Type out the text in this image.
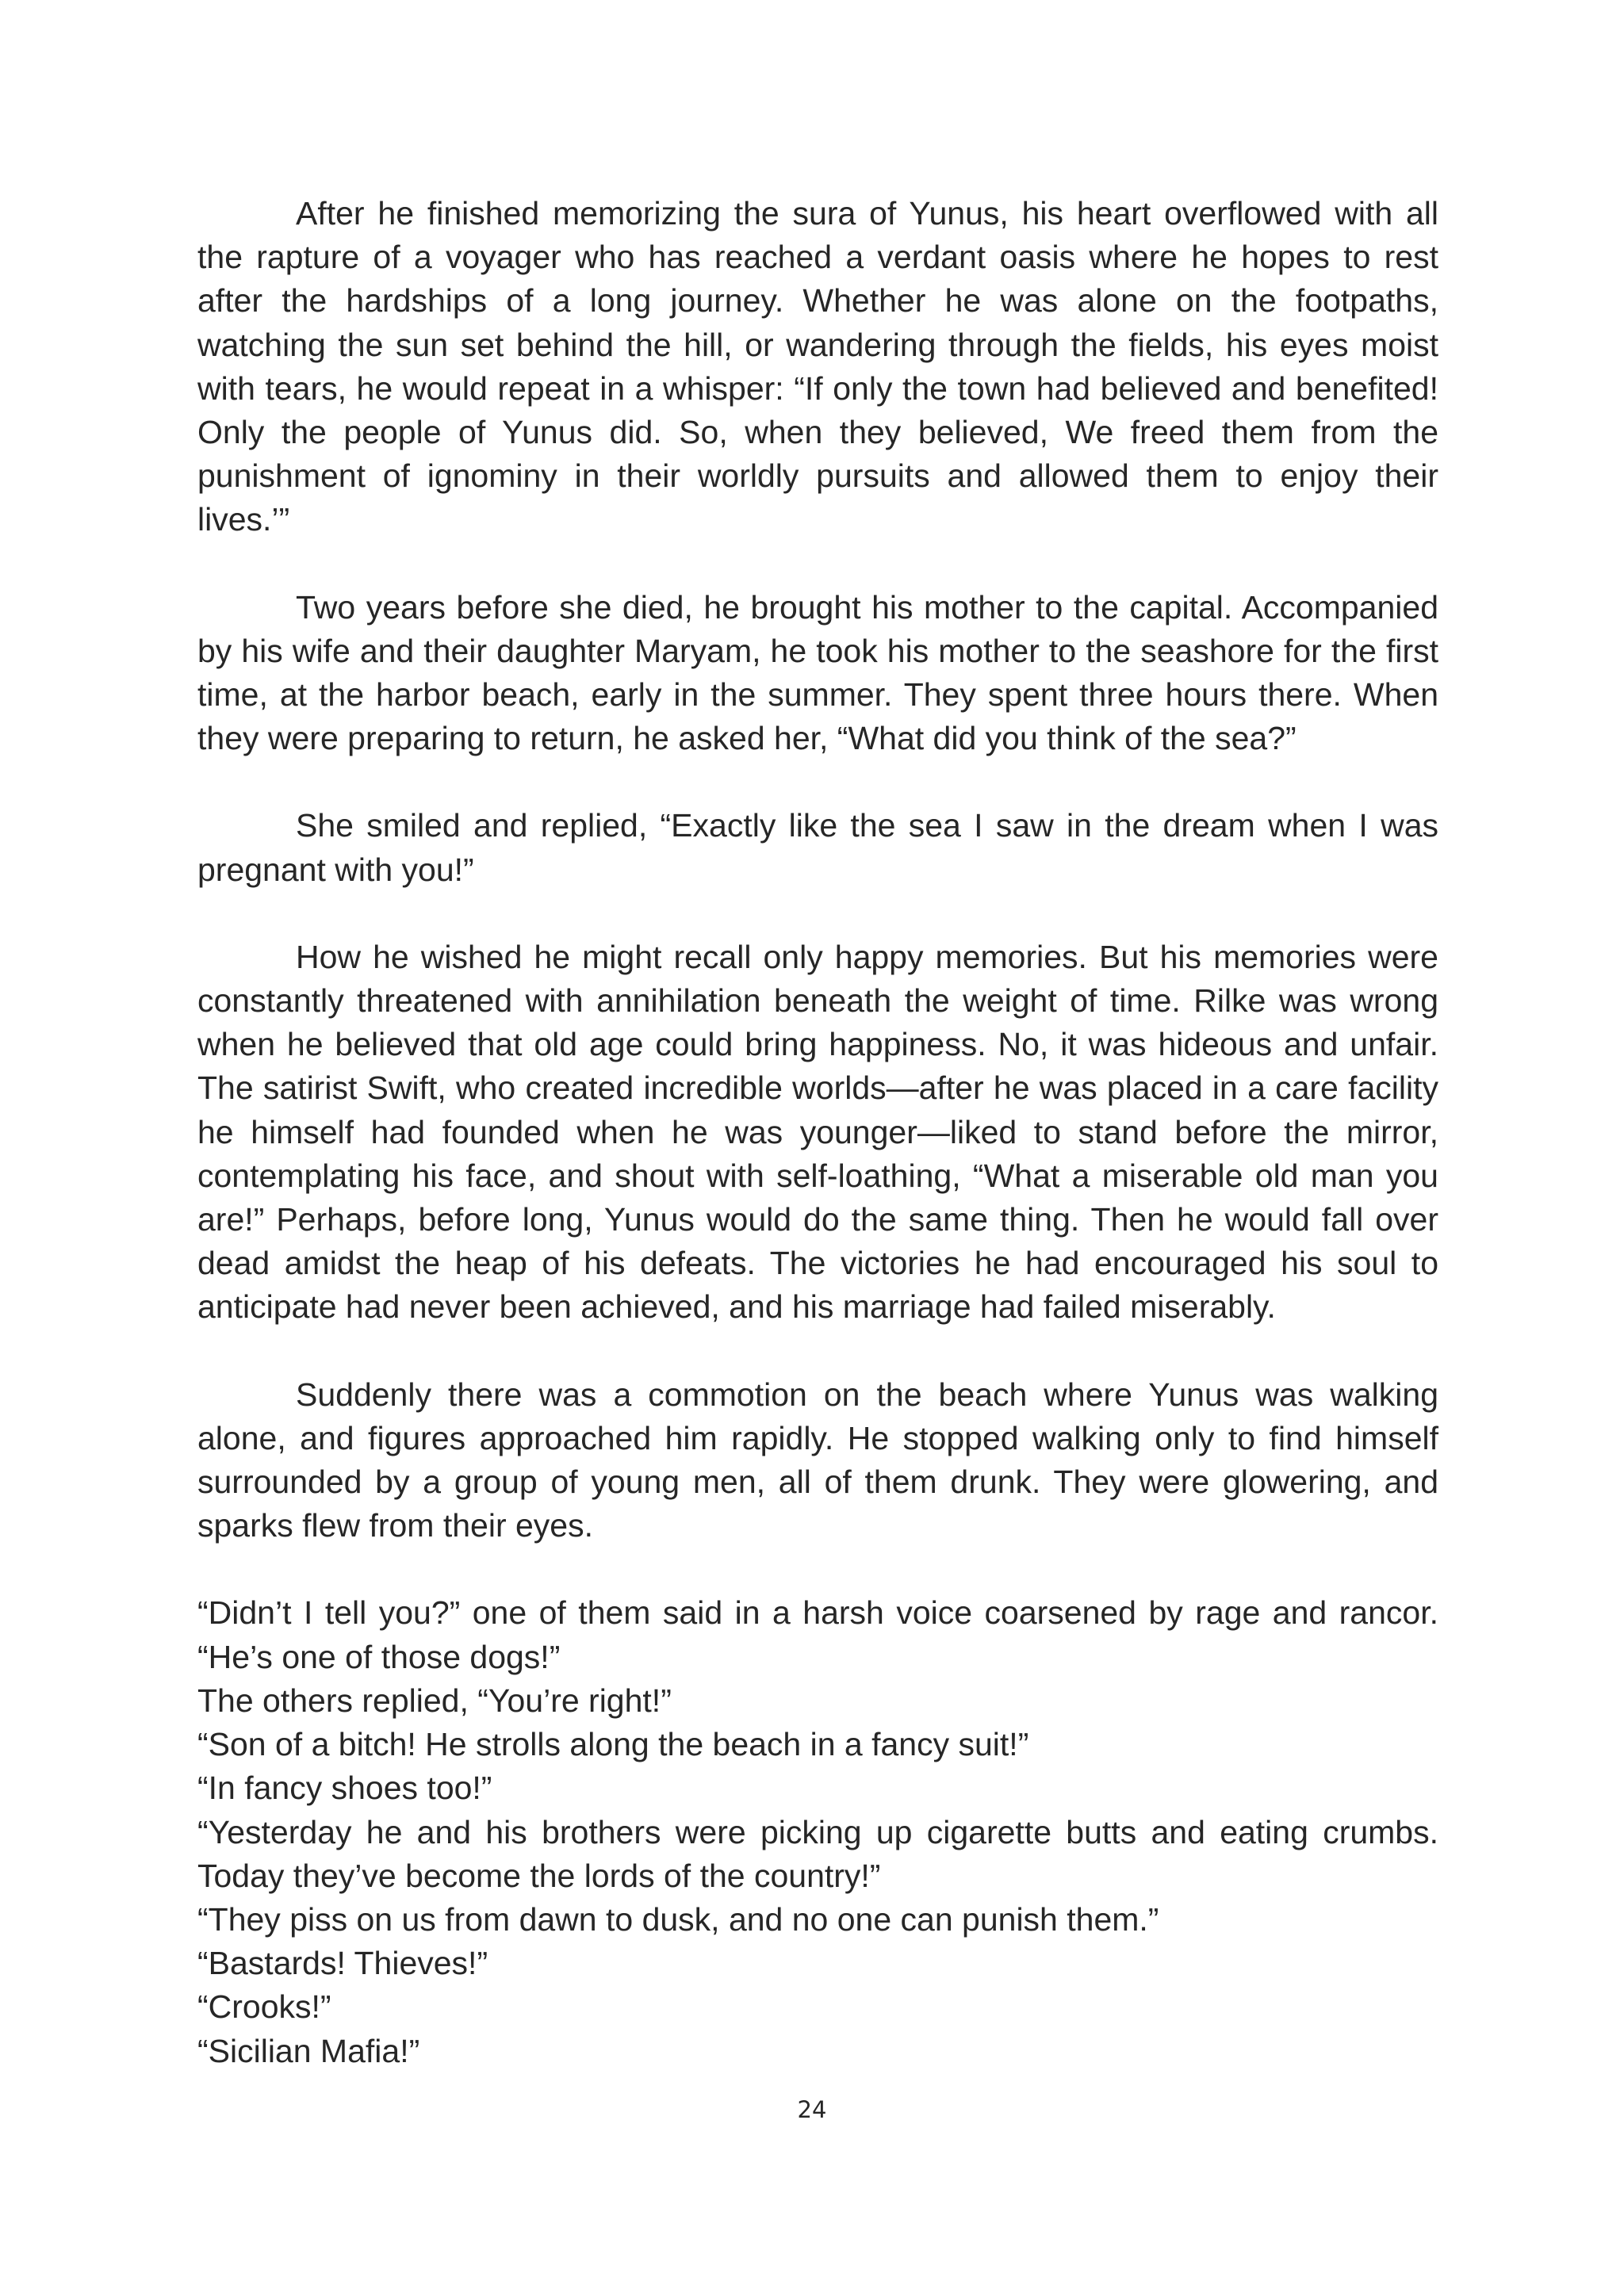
After he finished memorizing the sura of Yunus, his heart overflowed with all the rapture of a voyager who has reached a verdant oasis where he hopes to rest after the hardships of a long journey. Whether he was alone on the footpaths, watching the sun set behind the hill, or wandering through the fields, his eyes moist with tears, he would repeat in a whisper: “If only the town had believed and benefited! Only the people of Yunus did. So, when they believed, We freed them from the punishment of ignominy in their worldly pursuits and allowed them to enjoy their lives.’”

Two years before she died, he brought his mother to the capital. Accompanied by his wife and their daughter Maryam, he took his mother to the seashore for the first time, at the harbor beach, early in the summer. They spent three hours there. When they were preparing to return, he asked her, “What did you think of the sea?”

She smiled and replied, “Exactly like the sea I saw in the dream when I was pregnant with you!”

How he wished he might recall only happy memories. But his memories were constantly threatened with annihilation beneath the weight of time. Rilke was wrong when he believed that old age could bring happiness. No, it was hideous and unfair. The satirist Swift, who created incredible worlds—after he was placed in a care facility he himself had founded when he was younger—liked to stand before the mirror, contemplating his face, and shout with self-loathing, “What a miserable old man you are!” Perhaps, before long, Yunus would do the same thing. Then he would fall over dead amidst the heap of his defeats. The victories he had encouraged his soul to anticipate had never been achieved, and his marriage had failed miserably.

Suddenly there was a commotion on the beach where Yunus was walking alone, and figures approached him rapidly. He stopped walking only to find himself surrounded by a group of young men, all of them drunk. They were glowering, and sparks flew from their eyes.

“Didn’t I tell you?” one of them said in a harsh voice coarsened by rage and rancor. “He’s one of those dogs!”

The others replied, “You’re right!”

“Son of a bitch! He strolls along the beach in a fancy suit!”

“In fancy shoes too!”

“Yesterday he and his brothers were picking up cigarette butts and eating crumbs. Today they’ve become the lords of the country!”

“They piss on us from dawn to dusk, and no one can punish them.”

“Bastards! Thieves!”

“Crooks!”

“Sicilian Mafia!”

24
